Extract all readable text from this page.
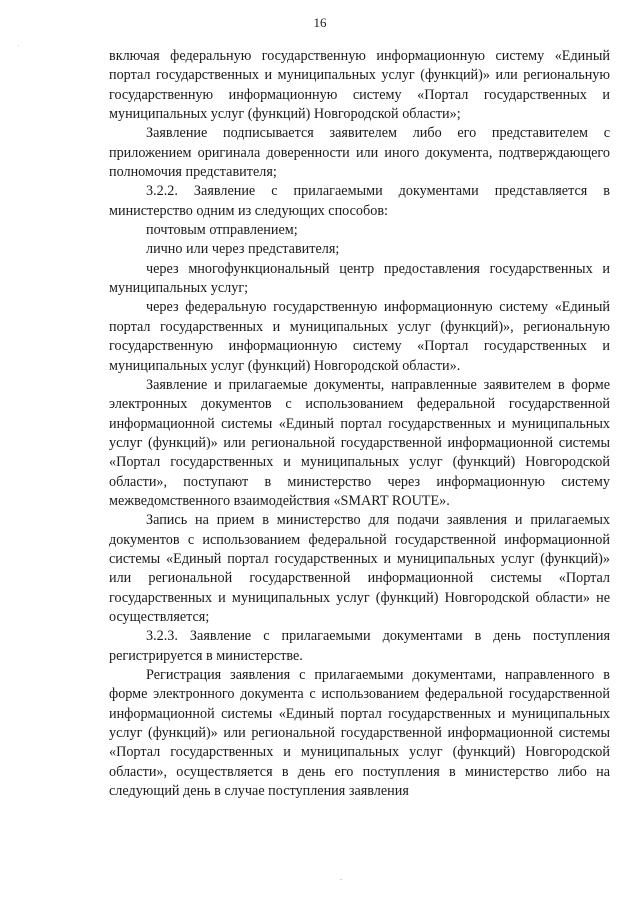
16

включая федеральную государственную информационную систему «Единый портал государственных и муниципальных услуг (функций)» или региональную государственную информационную систему «Портал государственных и муниципальных услуг (функций) Новгородской области»;

Заявление подписывается заявителем либо его представителем с приложением оригинала доверенности или иного документа, подтверждающего полномочия представителя;

3.2.2. Заявление с прилагаемыми документами представляется в министерство одним из следующих способов:

почтовым отправлением;

лично или через представителя;

через многофункциональный центр предоставления государственных и муниципальных услуг;

через федеральную государственную информационную систему «Единый портал государственных и муниципальных услуг (функций)», региональную государственную информационную систему «Портал государственных и муниципальных услуг (функций) Новгородской области».

Заявление и прилагаемые документы, направленные заявителем в форме электронных документов с использованием федеральной государственной информационной системы «Единый портал государственных и муниципальных услуг (функций)» или региональной государственной информационной системы «Портал государственных и муниципальных услуг (функций) Новгородской области», поступают в министерство через информационную систему межведомственного взаимодействия «SMART ROUTE».

Запись на прием в министерство для подачи заявления и прилагаемых документов с использованием федеральной государственной информационной системы «Единый портал государственных и муниципальных услуг (функций)» или региональной государственной информационной системы «Портал государственных и муниципальных услуг (функций) Новгородской области» не осуществляется;

3.2.3. Заявление с прилагаемыми документами в день поступления регистрируется в министерстве.

Регистрация заявления с прилагаемыми документами, направленного в форме электронного документа с использованием федеральной государственной информационной системы «Единый портал государственных и муниципальных услуг (функций)» или региональной государственной информационной системы «Портал государственных и муниципальных услуг (функций) Новгородской области», осуществляется в день его поступления в министерство либо на следующий день в случае поступления заявления
